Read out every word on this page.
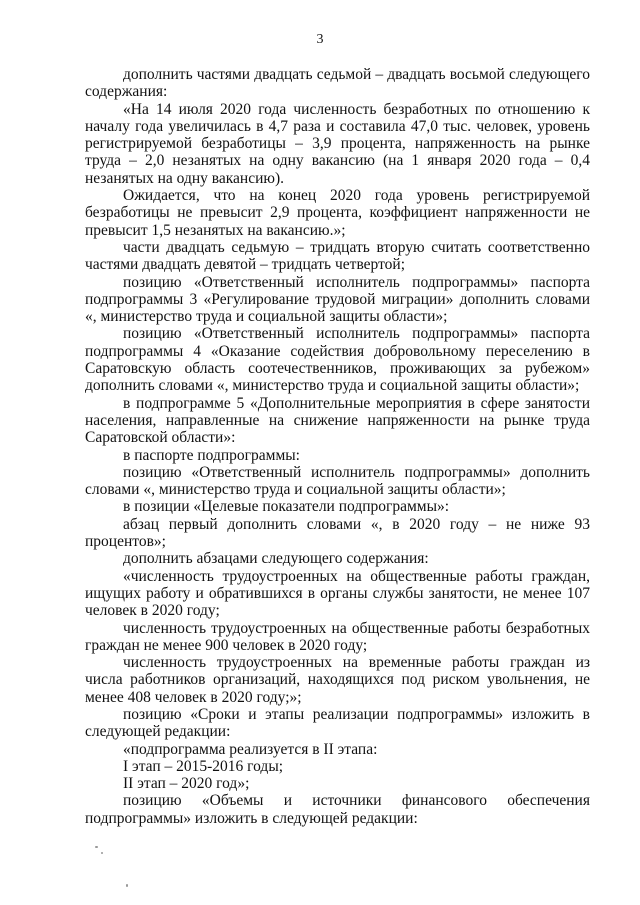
3

дополнить частями двадцать седьмой – двадцать восьмой следующего содержания:

«На 14 июля 2020 года численность безработных по отношению к началу года увеличилась в 4,7 раза и составила 47,0 тыс. человек, уровень регистрируемой безработицы – 3,9 процента, напряженность на рынке труда – 2,0 незанятых на одну вакансию (на 1 января 2020 года – 0,4 незанятых на одну вакансию).

Ожидается, что на конец 2020 года уровень регистрируемой безработицы не превысит 2,9 процента, коэффициент напряженности не превысит 1,5 незанятых на вакансию.»;

части двадцать седьмую – тридцать вторую считать соответственно частями двадцать девятой – тридцать четвертой;

позицию «Ответственный исполнитель подпрограммы» паспорта подпрограммы 3 «Регулирование трудовой миграции» дополнить словами «, министерство труда и социальной защиты области»;

позицию «Ответственный исполнитель подпрограммы» паспорта подпрограммы 4 «Оказание содействия добровольному переселению в Саратовскую область соотечественников, проживающих за рубежом» дополнить словами «, министерство труда и социальной защиты области»;

в подпрограмме 5 «Дополнительные мероприятия в сфере занятости населения, направленные на снижение напряженности на рынке труда Саратовской области»:

в паспорте подпрограммы:

позицию «Ответственный исполнитель подпрограммы» дополнить словами «, министерство труда и социальной защиты области»;

в позиции «Целевые показатели подпрограммы»:

абзац первый дополнить словами «, в 2020 году – не ниже 93 процентов»;

дополнить абзацами следующего содержания:

«численность трудоустроенных на общественные работы граждан, ищущих работу и обратившихся в органы службы занятости, не менее 107 человек в 2020 году;

численность трудоустроенных на общественные работы безработных граждан не менее 900 человек в 2020 году;

численность трудоустроенных на временные работы граждан из числа работников организаций, находящихся под риском увольнения, не менее 408 человек в 2020 году;»;

позицию «Сроки и этапы реализации подпрограммы» изложить в следующей редакции:

«подпрограмма реализуется в II этапа:

I этап – 2015-2016 годы;

II этап – 2020 год»;

позицию «Объемы и источники финансового обеспечения подпрограммы» изложить в следующей редакции:
